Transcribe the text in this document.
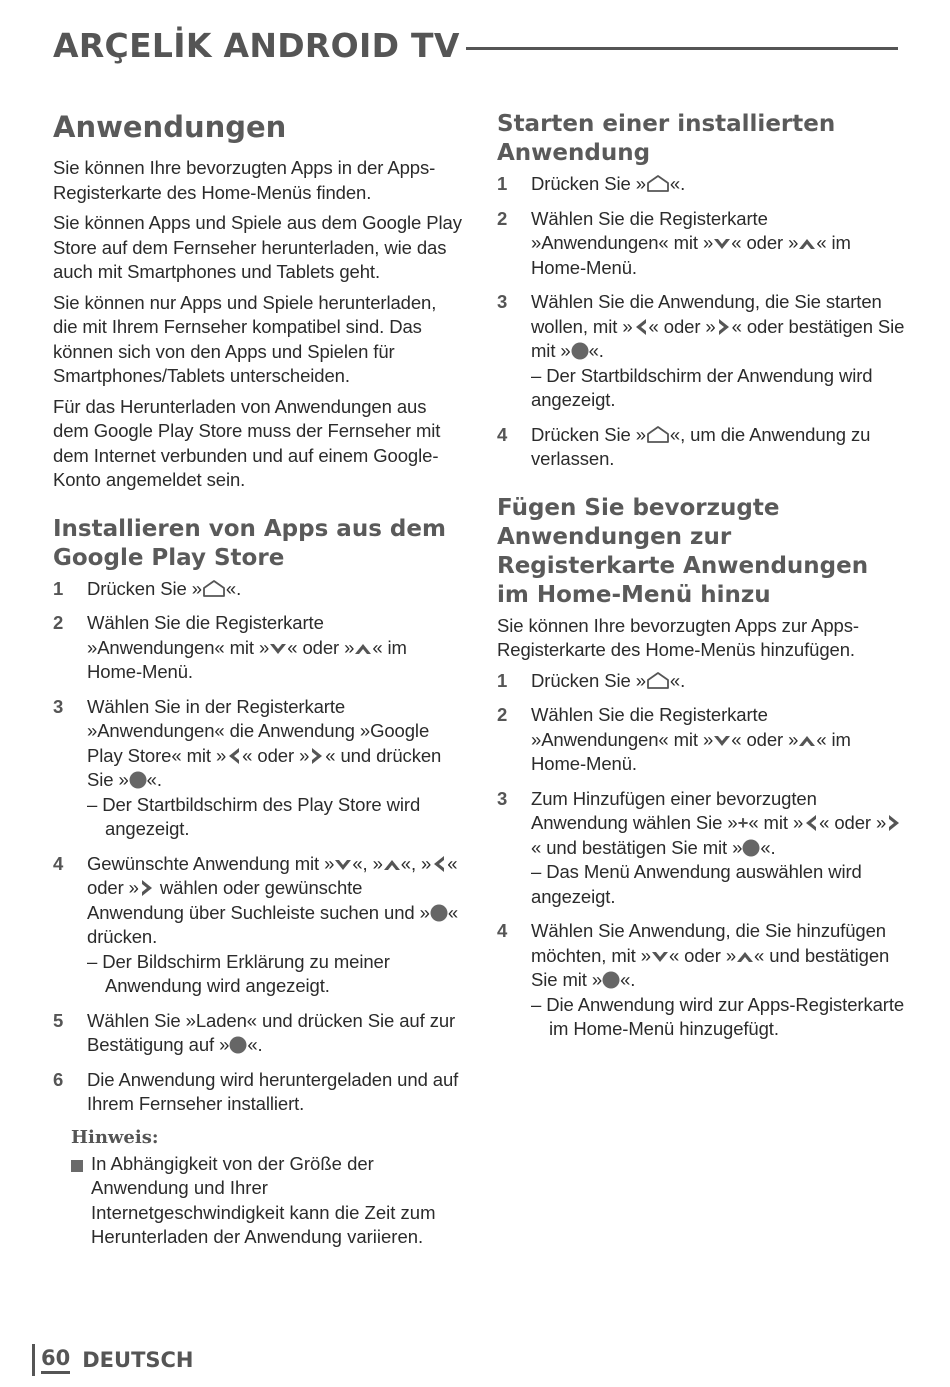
ARÇELİK ANDROID TV
Anwendungen

Sie können Ihre bevorzugten Apps in der Apps-Registerkarte des Home-Menüs finden.

Sie können Apps und Spiele aus dem Google Play Store auf dem Fernseher herunterladen, wie das auch mit Smartphones und Tablets geht.

Sie können nur Apps und Spiele herunterladen, die mit Ihrem Fernseher kompatibel sind. Das können sich von den Apps und Spielen für Smartphones/Tablets unterscheiden.

Für das Herunterladen von Anwendungen aus dem Google Play Store muss der Fernseher mit dem Internet verbunden und auf einem Google-Konto angemeldet sein.

Installieren von Apps aus dem Google Play Store
1 Drücken Sie » «.
2 Wählen Sie die Registerkarte »Anwendungen« mit » « oder » « im Home-Menü.
3 Wählen Sie in der Registerkarte »Anwendungen« die Anwendung »Google Play Store« mit » « oder » « und drücken Sie » «.
– Der Startbildschirm des Play Store wird angezeigt.
4 Gewünschte Anwendung mit » «, » «, » « oder »
wählen oder gewünschte Anwendung über Suchleiste suchen und » « drücken.
– Der Bildschirm Erklärung zu meiner Anwendung wird angezeigt.
5 Wählen Sie »Laden« und drücken Sie auf zur Bestätigung auf » «.
6 Die Anwendung wird heruntergeladen und auf Ihrem Fernseher installiert.
Hinweis:
In Abhängigkeit von der Größe der Anwendung und Ihrer Internetgeschwindigkeit kann die Zeit zum Herunterladen der Anwendung variieren.
Starten einer installierten Anwendung
1 Drücken Sie » «.
2 Wählen Sie die Registerkarte »Anwendungen« mit » « oder » « im Home-Menü.
3 Wählen Sie die Anwendung, die Sie starten wollen, mit » « oder » « oder bestätigen Sie mit » «.
– Der Startbildschirm der Anwendung wird angezeigt.
4 Drücken Sie » «, um die Anwendung zu verlassen.
Fügen Sie bevorzugte Anwendungen zur Registerkarte Anwendungen im Home-Menü hinzu

Sie können Ihre bevorzugten Apps zur Apps-Registerkarte des Home-Menüs hinzufügen.

1 Drücken Sie » «.
2 Wählen Sie die Registerkarte »Anwendungen« mit » « oder » « im Home-Menü.
3 Zum Hinzufügen einer bevorzugten Anwendung wählen Sie »+« mit » « oder »
« und bestätigen Sie mit » «.
– Das Menü Anwendung auswählen wird angezeigt.
4 Wählen Sie Anwendung, die Sie hinzufügen möchten, mit » « oder » « und bestätigen Sie mit » «.
– Die Anwendung wird zur Apps-Registerkarte im Home-Menü hinzugefügt.
60 DEUTSCH
